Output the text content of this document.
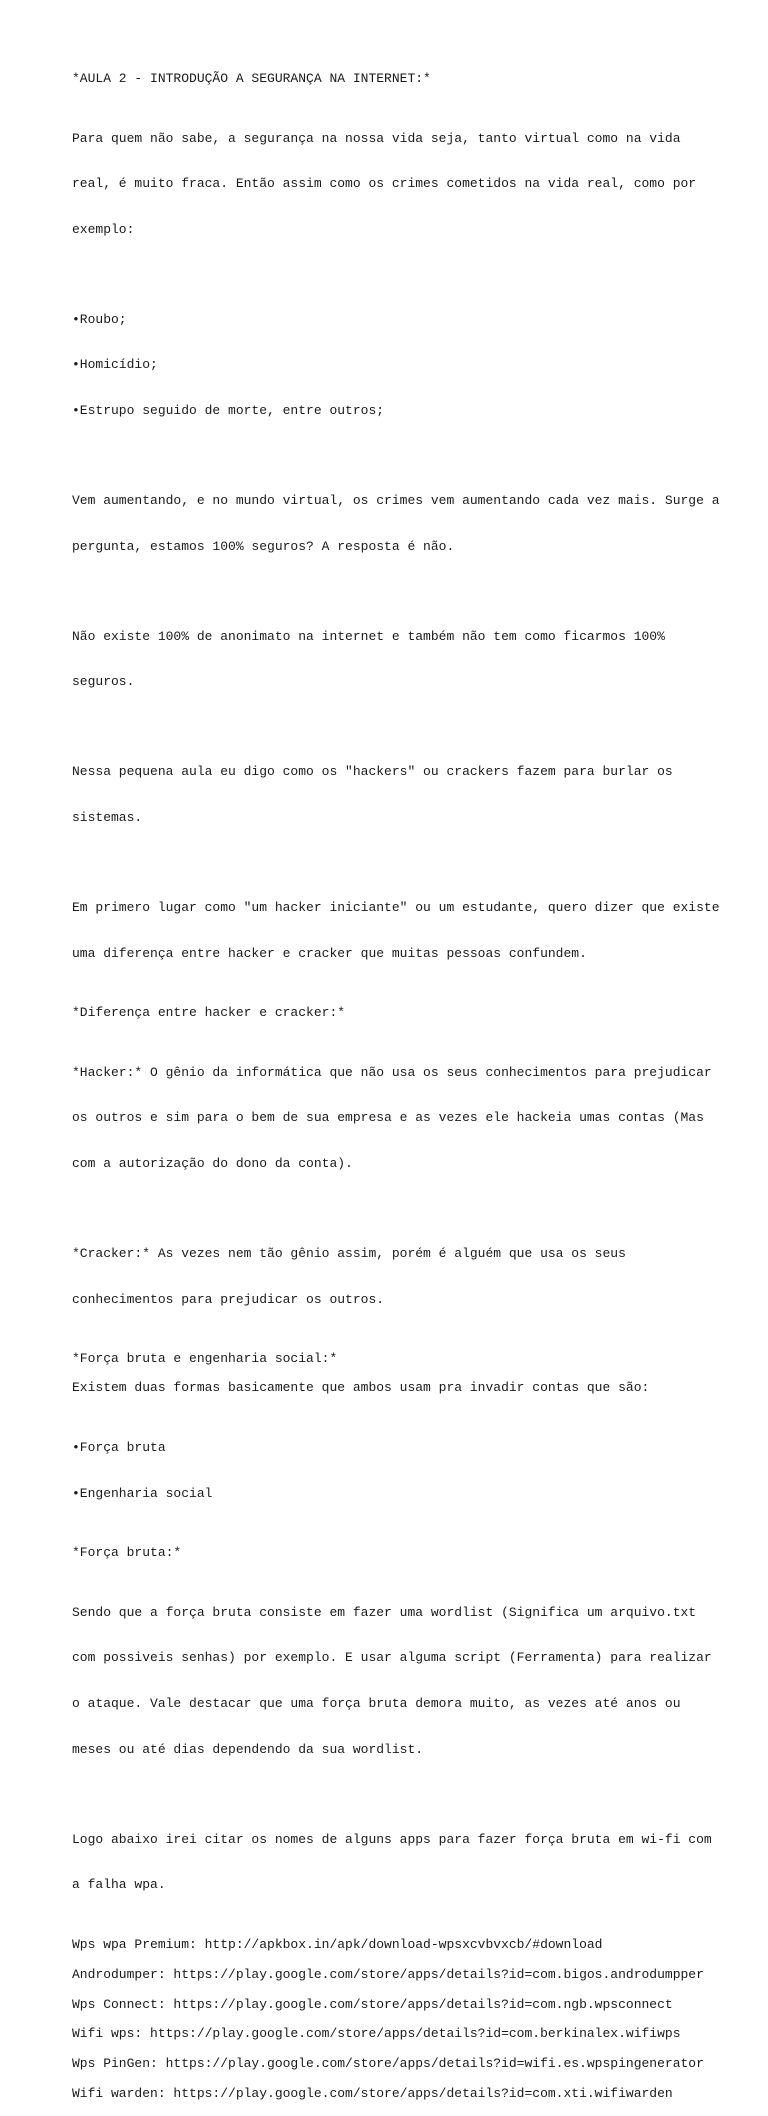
*AULA 2 - INTRODUÇÃO A SEGURANÇA NA INTERNET:*

Para quem não sabe, a segurança na nossa vida seja, tanto virtual como na vida

real, é muito fraca. Então assim como os crimes cometidos na vida real, como por

exemplo:

•Roubo;

•Homicídio;

•Estrupo seguido de morte, entre outros;

Vem aumentando, e no mundo virtual, os crimes vem aumentando cada vez mais. Surge a

pergunta, estamos 100% seguros? A resposta é não.

Não existe 100% de anonimato na internet e também não tem como ficarmos 100%

seguros.

Nessa pequena aula eu digo como os "hackers" ou crackers fazem para burlar os

sistemas.

Em primero lugar como "um hacker iniciante" ou um estudante, quero dizer que existe

uma diferença entre hacker e cracker que muitas pessoas confundem.

*Diferença entre hacker e cracker:*

*Hacker:* O gênio da informática que não usa os seus conhecimentos para prejudicar

os outros e sim para o bem de sua empresa e as vezes ele hackeia umas contas (Mas

com a autorização do dono da conta).

*Cracker:* As vezes nem tão gênio assim, porém é alguém que usa os seus

conhecimentos para prejudicar os outros.

*Força bruta e engenharia social:*

Existem duas formas basicamente que ambos usam pra invadir contas que são:

•Força bruta

•Engenharia social

*Força bruta:*

Sendo que a força bruta consiste em fazer uma wordlist (Significa um arquivo.txt

com possiveis senhas) por exemplo. E usar alguma script (Ferramenta) para realizar

o ataque. Vale destacar que uma força bruta demora muito, as vezes até anos ou

meses ou até dias dependendo da sua wordlist.

Logo abaixo irei citar os nomes de alguns apps para fazer força bruta em wi-fi com

a falha wpa.

Wps wpa Premium: http://apkbox.in/apk/download-wpsxcvbvxcb/#download

Androdumper: https://play.google.com/store/apps/details?id=com.bigos.androdumpper

Wps Connect: https://play.google.com/store/apps/details?id=com.ngb.wpsconnect

Wifi wps: https://play.google.com/store/apps/details?id=com.berkinalex.wifiwps

Wps PinGen: https://play.google.com/store/apps/details?id=wifi.es.wpspingenerator

Wifi warden: https://play.google.com/store/apps/details?id=com.xti.wifiwarden
